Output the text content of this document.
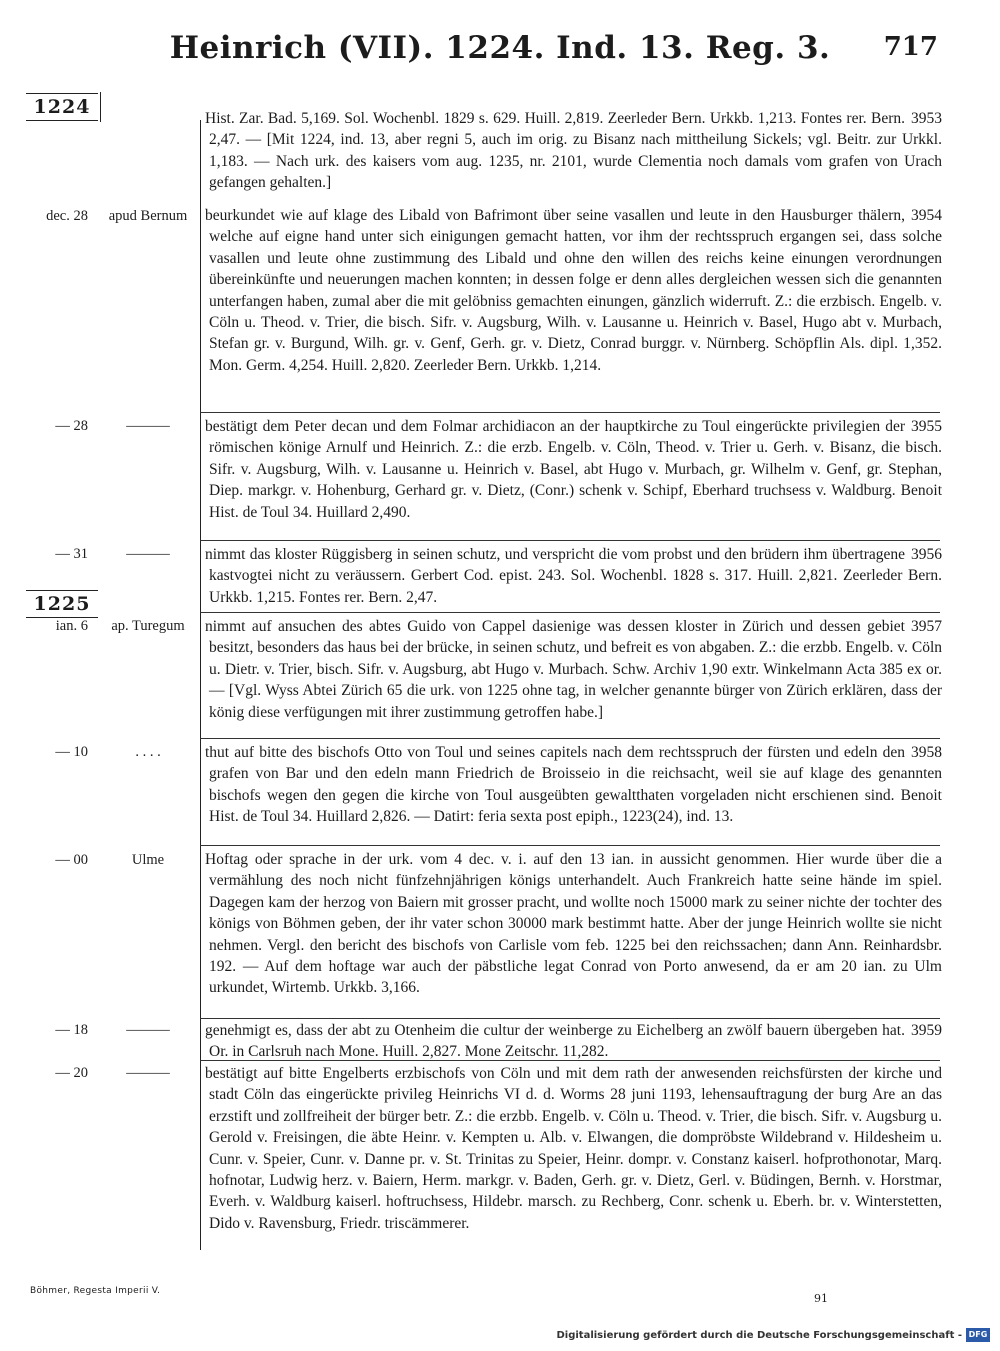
Heinrich (VII). 1224. Ind. 13. Reg. 3.	717
1224
1225
3953
Hist. Zar. Bad. 5,169. Sol. Wochenbl. 1829 s. 629. Huill. 2,819. Zeerleder Bern. Urkkb. 1,213. Fontes rer. Bern. 2,47. — [Mit 1224, ind. 13, aber regni 5, auch im orig. zu Bisanz nach mittheilung Sickels; vgl. Beitr. zur Urkkl. 1,183. — Nach urk. des kaisers vom aug. 1235, nr. 2101, wurde Clementia noch damals vom grafen von Urach gefangen gehalten.]
dec. 28	apud Bernum	3954
beurkundet wie auf klage des Libald von Bafrimont über seine vasallen und leute in den Hausburger thälern, welche auf eigne hand unter sich einigungen gemacht hatten, vor ihm der rechtsspruch ergangen sei, dass solche vasallen und leute ohne zustimmung des Libald und ohne den willen des reichs keine einungen verordnungen übereinkünfte und neuerungen machen konnten; in dessen folge er denn alles dergleichen wessen sich die genannten unterfangen haben, zumal aber die mit gelöbniss gemachten einungen, gänzlich widerruft. Z.: die erzbisch. Engelb. v. Cöln u. Theod. v. Trier, die bisch. Sifr. v. Augsburg, Wilh. v. Lausanne u. Heinrich v. Basel, Hugo abt v. Murbach, Stefan gr. v. Burgund, Wilh. gr. v. Genf, Gerh. gr. v. Dietz, Conrad burggr. v. Nürnberg. Schöpflin Als. dipl. 1,352. Mon. Germ. 4,254. Huill. 2,820. Zeerleder Bern. Urkkb. 1,214.
— 28	———	3955
bestätigt dem Peter decan und dem Folmar archidiacon an der hauptkirche zu Toul eingerückte privilegien der römischen könige Arnulf und Heinrich. Z.: die erzb. Engelb. v. Cöln, Theod. v. Trier u. Gerh. v. Bisanz, die bisch. Sifr. v. Augsburg, Wilh. v. Lausanne u. Heinrich v. Basel, abt Hugo v. Murbach, gr. Wilhelm v. Genf, gr. Stephan, Diep. markgr. v. Hohenburg, Gerhard gr. v. Dietz, (Conr.) schenk v. Schipf, Eberhard truchsess v. Waldburg. Benoit Hist. de Toul 34. Huillard 2,490.
— 31	———	3956
nimmt das kloster Rüggisberg in seinen schutz, und verspricht die vom probst und den brüdern ihm übertragene kastvogtei nicht zu veräussern. Gerbert Cod. epist. 243. Sol. Wochenbl. 1828 s. 317. Huill. 2,821. Zeerleder Bern. Urkkb. 1,215. Fontes rer. Bern. 2,47.
ian. 6	ap. Turegum	3957
nimmt auf ansuchen des abtes Guido von Cappel dasienige was dessen kloster in Zürich und dessen gebiet besitzt, besonders das haus bei der brücke, in seinen schutz, und befreit es von abgaben. Z.: die erzbb. Engelb. v. Cöln u. Dietr. v. Trier, bisch. Sifr. v. Augsburg, abt Hugo v. Murbach. Schw. Archiv 1,90 extr. Winkelmann Acta 385 ex or. — [Vgl. Wyss Abtei Zürich 65 die urk. von 1225 ohne tag, in welcher genannte bürger von Zürich erklären, dass der könig diese verfügungen mit ihrer zustimmung getroffen habe.]
— 10	. . . .	3958
thut auf bitte des bischofs Otto von Toul und seines capitels nach dem rechtsspruch der fürsten und edeln den grafen von Bar und den edeln mann Friedrich de Broisseio in die reichsacht, weil sie auf klage des genannten bischofs wegen den gegen die kirche von Toul ausgeübten gewaltthaten vorgeladen nicht erschienen sind. Benoit Hist. de Toul 34. Huillard 2,826. — Datirt: feria sexta post epiph., 1223(24), ind. 13.
— 00	Ulme	a
Hoftag oder sprache in der urk. vom 4 dec. v. i. auf den 13 ian. in aussicht genommen. Hier wurde über die vermählung des noch nicht fünfzehnjährigen königs unterhandelt. Auch Frankreich hatte seine hände im spiel. Dagegen kam der herzog von Baiern mit grosser pracht, und wollte noch 15000 mark zu seiner nichte der tochter des königs von Böhmen geben, der ihr vater schon 30000 mark bestimmt hatte. Aber der junge Heinrich wollte sie nicht nehmen. Vergl. den bericht des bischofs von Carlisle vom feb. 1225 bei den reichssachen; dann Ann. Reinhardsbr. 192. — Auf dem hoftage war auch der päbstliche legat Conrad von Porto anwesend, da er am 20 ian. zu Ulm urkundet, Wirtemb. Urkkb. 3,166.
— 18	———	3959
genehmigt es, dass der abt zu Otenheim die cultur der weinberge zu Eichelberg an zwölf bauern übergeben hat. Or. in Carlsruh nach Mone. Huill. 2,827. Mone Zeitschr. 11,282.
— 20	———	bestätigt auf bitte Engelberts erzbischofs von Cöln und mit dem rath der anwesenden reichsfürsten der kirche und stadt Cöln das eingerückte privileg Heinrichs VI d. d. Worms 28 juni 1193, lehensauftragung der burg Are an das erzstift und zollfreiheit der bürger betr. Z.: die erzbb. Engelb. v. Cöln u. Theod. v. Trier, die bisch. Sifr. v. Augsburg u. Gerold v. Freisingen, die äbte Heinr. v. Kempten u. Alb. v. Elwangen, die dompröbste Wildebrand v. Hildesheim u. Cunr. v. Speier, Cunr. v. Danne pr. v. St. Trinitas zu Speier, Heinr. dompr. v. Constanz kaiserl. hofprothonotar, Marq. hofnotar, Ludwig herz. v. Baiern, Herm. markgr. v. Baden, Gerh. gr. v. Dietz, Gerl. v. Büdingen, Bernh. v. Horstmar, Everh. v. Waldburg kaiserl. hoftruchsess, Hildebr. marsch. zu Rechberg, Conr. schenk u. Eberh. br. v. Winterstetten, Dido v. Ravensburg, Friedr. triscämmerer.
Böhmer, Regesta Imperii V.
91
Digitalisierung gefördert durch die Deutsche Forschungsgemeinschaft - DFG
